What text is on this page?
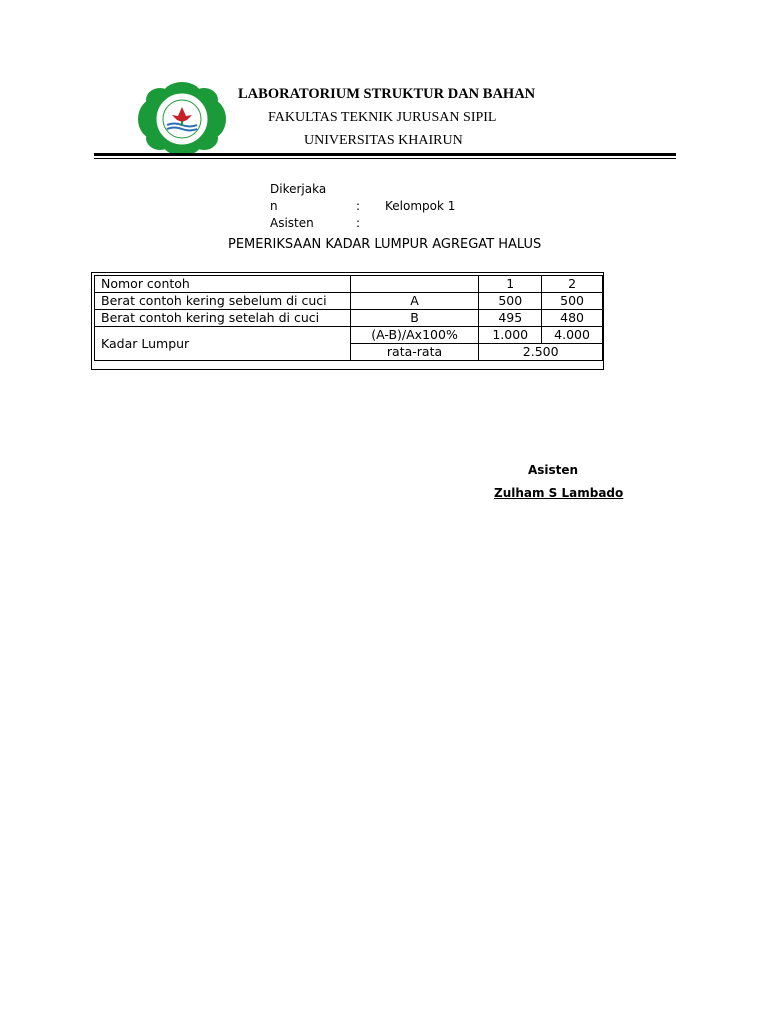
LABORATORIUM STRUKTUR DAN BAHAN
FAKULTAS TEKNIK JURUSAN SIPIL
UNIVERSITAS KHAIRUN
Dikerjaka
n	: Kelompok 1
Asisten	:
PEMERIKSAAN KADAR LUMPUR AGREGAT HALUS
Nomor contoh		1	2
Berat contoh kering sebelum di cuci	A	500	500
Berat contoh kering setelah di cuci	B	495	480
Kadar Lumpur	(A-B)/Ax100%	1.000	4.000
	rata-rata	2.500	
Asisten
Zulham S Lambado
